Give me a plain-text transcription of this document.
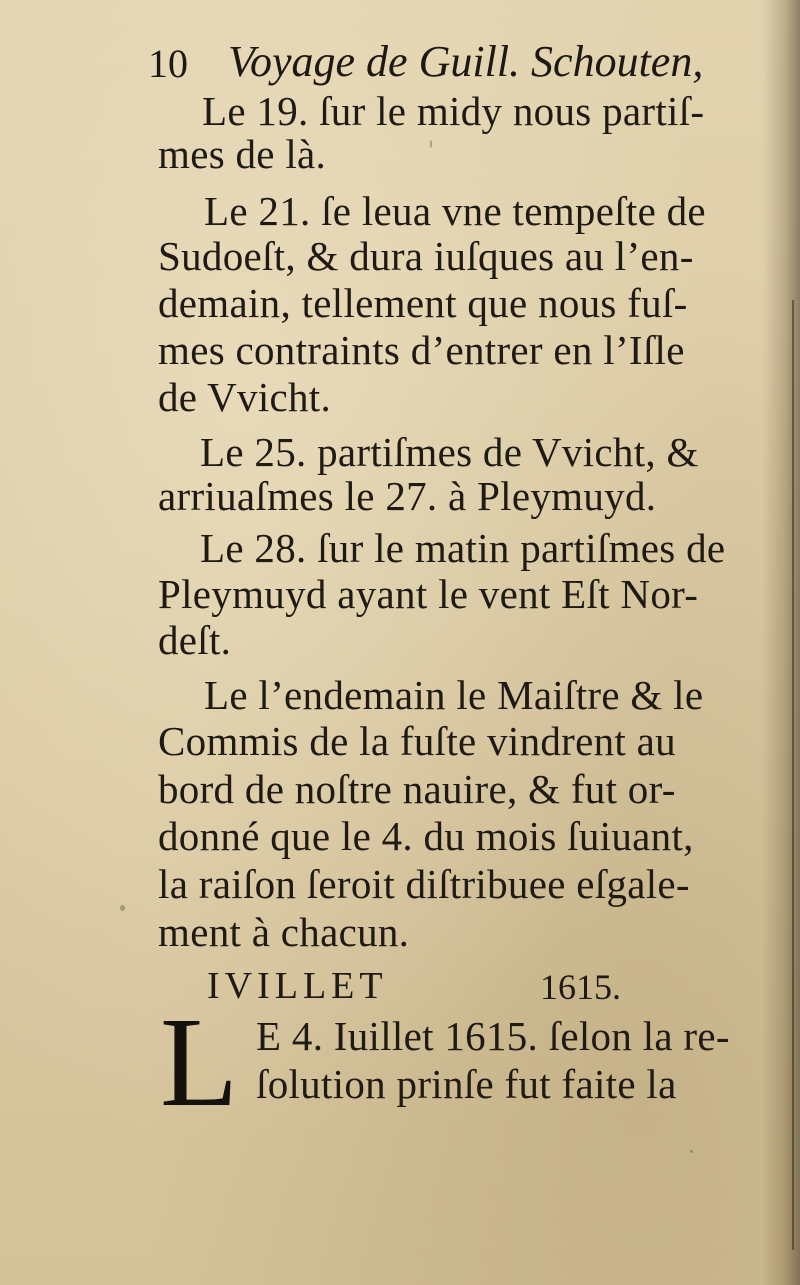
10 Voyage de Guill. Schouten,
Le 19. ſur le midy nous partiſ-
mes de là.
Le 21. ſe leua vne tempeſte de
Sudoeſt, & dura iuſques au l’en-
demain, tellement que nous fuſ-
mes contraints d’entrer en l’Iſle
de Vvicht.
Le 25. partiſmes de Vvicht, &
arriuaſmes le 27. à Pleymuyd.
Le 28. ſur le matin partiſmes de
Pleymuyd ayant le vent Eſt Nor-
deſt.
Le l’endemain le Maiſtre & le
Commis de la fuſte vindrent au
bord de noſtre nauire, & fut or-
donné que le 4. du mois ſuiuant,
la raiſon ſeroit diſtribuee eſgale-
ment à chacun.
IVILLET	1615.
L E 4. Iuillet 1615. ſelon la re-
ſolution prinſe fut faite la
